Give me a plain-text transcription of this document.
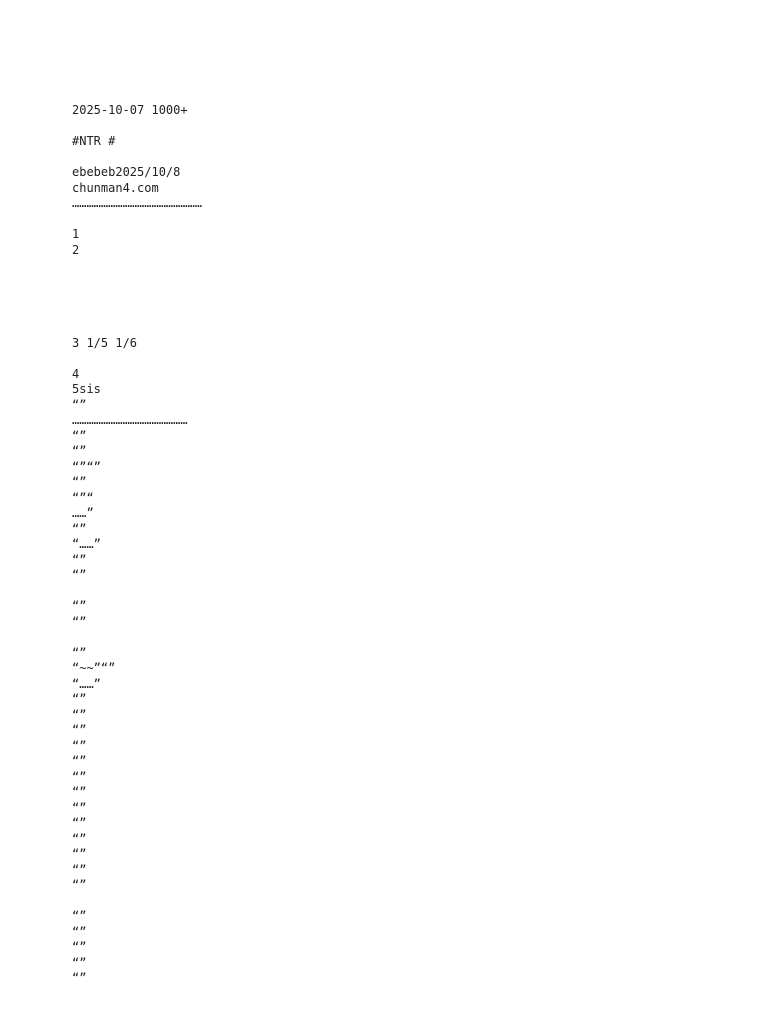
2025-10-07 1000+
#NTR #
ebebeb2025/10/8
chunman4.com
………………………………………………
1
2
3 1/5 1/6
4
5sis
“”
…………………………………………
“”
“”
“”“”
“”
“”“
……”
“”
“……”
“”
“”
“”
“”
“”
“~~”“”
“……”
“”
“”
“”
“”
“”
“”
“”
“”
“”
“”
“”
“”
“”
“”
“”
“”
“”
“”
